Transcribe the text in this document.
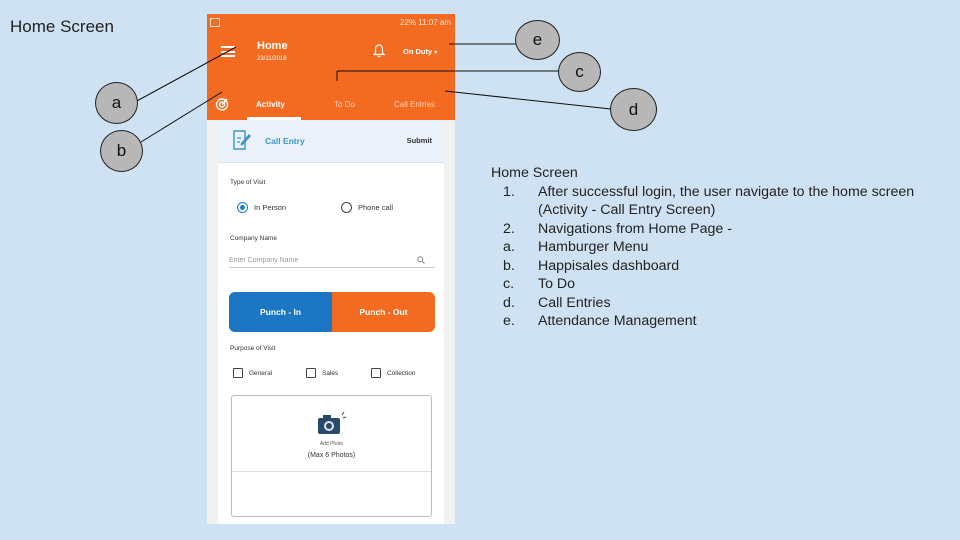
Home Screen	22% 11:07 am
Home
23/11/2018
On Duty ▾
Activity	To Do	Call Entries
Call Entry	Submit
Type of Visit
In Person	Phone call
Company Name
Enter Company Name
Punch - In	Punch - Out
Purpose of Visit
General	Sales	Collection
Add Photo
(Max 6 Photos)
a
b
c
d
e
Home Screen
1. After successful login, the user navigate to the home screen (Activity - Call Entry Screen)
2. Navigations from Home Page -
a. Hamburger Menu
b. Happisales dashboard
c. To Do
d. Call Entries
e. Attendance Management
